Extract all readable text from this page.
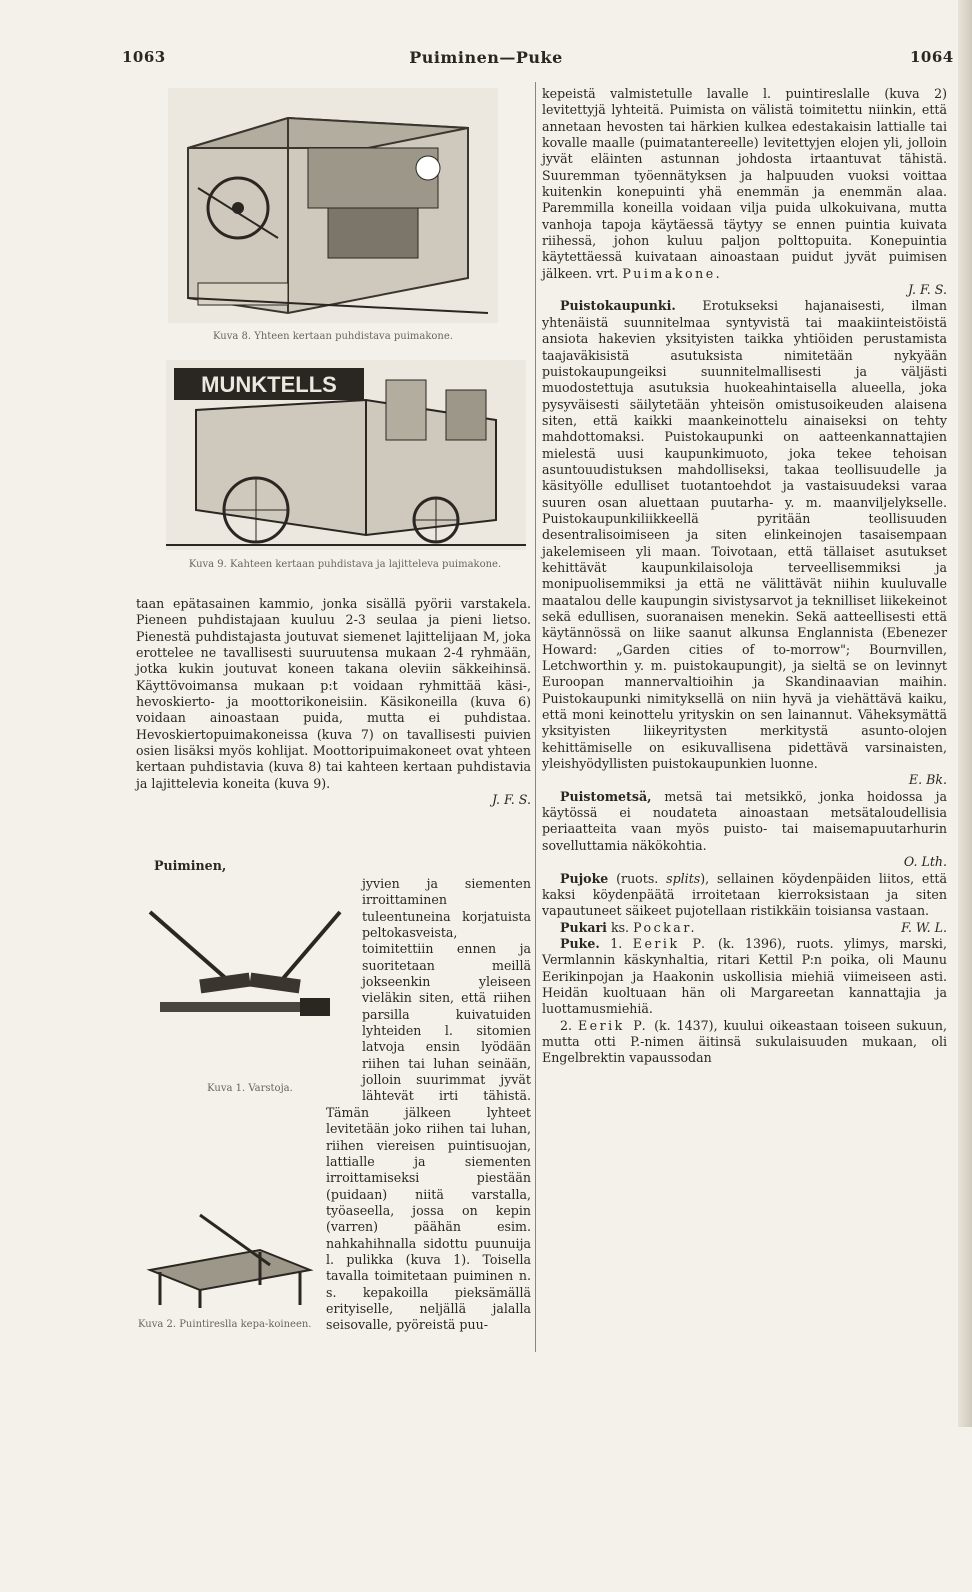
1063	Puiminen—Puke	1064
Kuva 8. Yhteen kertaan puhdistava puimakone.
MUNKTELLS
Kuva 9. Kahteen kertaan puhdistava ja lajitteleva puimakone.

taan epätasainen kammio, jonka sisällä pyörii varstakela. Pieneen puhdistajaan kuuluu 2-3 seulaa ja pieni lietso. Pienestä puhdistajasta joutuvat siemenet lajittelijaan M, joka erottelee ne tavallisesti suuruutensa mukaan 2-4 ryhmään, jotka kukin joutuvat koneen takana oleviin säkkeihinsä. Käyttövoimansa mukaan p:t voidaan ryhmittää käsi-, hevoskierto- ja moottorikoneisiin. Käsikoneilla (kuva 6) voidaan ainoastaan puida, mutta ei puhdistaa. Hevoskiertopuimakoneissa (kuva 7) on tavallisesti puivien osien lisäksi myös kohlijat. Moottoripuimakoneet ovat yhteen kertaan puhdistavia (kuva 8) tai kahteen kertaan puhdistavia ja lajittelevia koneita (kuva 9).

J. F. S.

Puiminen,

Kuva 1. Varstoja.

jyvien ja siementen irroittaminen tuleentuneina korjatuista peltokasveista, toimitettiin ennen ja suoritetaan meillä jokseenkin yleiseen vieläkin siten, että riihen parsilla kuivatuiden lyhteiden l. sitomien latvoja ensin lyödään riihen tai luhan seinään, jolloin suurimmat jyvät lähtevät irti tähistä. Tämän jälkeen lyhteet levitetään joko riihen tai luhan, riihen viereisen puintisuojan, lattialle ja siementen irroittamiseksi piestään (puidaan) niitä varstalla, työaseella, jossa on kepin (varren) päähän esim. nahkahihnalla sidottu puunuija l. pulikka (kuva 1). Toisella tavalla toimitetaan puiminen n. s. kepakoilla pieksämällä erityiselle, neljällä jalalla seisovalle, pyöreistä puu-

Kuva 2. Puintireslla kepa-koineen.

kepeistä valmistetulle lavalle l. puintireslalle (kuva 2) levitettyjä lyhteitä. Puimista on välistä toimitettu niinkin, että annetaan hevosten tai härkien kulkea edestakaisin lattialle tai kovalle maalle (puimatantereelle) levitettyjen elojen yli, jolloin jyvät eläinten astunnan johdosta irtaantuvat tähistä. Suuremman työennätyksen ja halpuuden vuoksi voittaa kuitenkin konepuinti yhä enemmän ja enemmän alaa. Paremmilla koneilla voidaan vilja puida ulkokuivana, mutta vanhoja tapoja käytäessä täytyy se ennen puintia kuivata riihessä, johon kuluu paljon polttopuita. Konepuintia käytettäessä kuivataan ainoastaan puidut jyvät puimisen jälkeen. vrt. Puimakone.

J. F. S.

Puistokaupunki. Erotukseksi hajanaisesti, ilman yhtenäistä suunnitelmaa syntyvistä tai maakiinteistöistä ansiota hakevien yksityisten taikka yhtiöiden perustamista taajaväkisistä asutuksista nimitetään nykyään puistokaupungeiksi suunnitelmallisesti ja väljästi muodostettuja asutuksia huokeahintaisella alueella, joka pysyväisesti säilytetään yhteisön omistusoikeuden alaisena siten, että kaikki maankeinottelu ainaiseksi on tehty mahdottomaksi. Puistokaupunki on aatteenkannattajien mielestä uusi kaupunkimuoto, joka tekee tehoisan asuntouudistuksen mahdolliseksi, takaa teollisuudelle ja käsityölle edulliset tuotantoehdot ja vastaisuudeksi varaa suuren osan aluettaan puutarha- y. m. maanviljelykselle. Puistokaupunkiliikkeellä pyritään teollisuuden desentralisoimiseen ja siten elinkeinojen tasaisempaan jakelemiseen yli maan. Toivotaan, että tällaiset asutukset kehittävät kaupunkilaisoloja terveellisemmiksi ja monipuolisemmiksi ja että ne välittävät niihin kuuluvalle maatalou delle kaupungin sivistysarvot ja teknilliset liikekeinot sekä edullisen, suoranaisen menekin. Sekä aatteellisesti että käytännössä on liike saanut alkunsa Englannista (Ebenezer Howard: „Garden cities of to-morrow"; Bournvillen, Letchworthin y. m. puistokaupungit), ja sieltä se on levinnyt Euroopan mannervaltioihin ja Skandinaavian maihin. Puistokaupunki nimityksellä on niin hyvä ja viehättävä kaiku, että moni keinottelu yrityskin on sen lainannut. Väheksymättä yksityisten liikeyritysten merkitystä asunto-olojen kehittämiselle on esikuvallisena pidettävä varsinaisten, yleishyödyllisten puistokaupunkien luonne.

E. Bk.

Puistometsä, metsä tai metsikkö, jonka hoidossa ja käytössä ei noudateta ainoastaan metsätaloudellisia periaatteita vaan myös puisto- tai maisemapuutarhurin sovelluttamia näkökohtia.

O. Lth.

Pujoke (ruots. splits), sellainen köydenpäiden liitos, että kaksi köydenpäätä irroitetaan kierroksistaan ja siten vapautuneet säikeet pujotellaan ristikkäin toisiansa vastaan.
F. W. L.

Pukari ks. Pockar.

Puke. 1. Eerik P. (k. 1396), ruots. ylimys, marski, Vermlannin käskynhaltia, ritari Kettil P:n poika, oli Maunu Eerikinpojan ja Haakonin uskollisia miehiä viimeiseen asti. Heidän kuoltuaan hän oli Margareetan kannattajia ja luottamusmiehiä.

2. Eerik P. (k. 1437), kuului oikeastaan toiseen sukuun, mutta otti P.-nimen äitinsä sukulaisuuden mukaan, oli Engelbrektin vapaussodan
